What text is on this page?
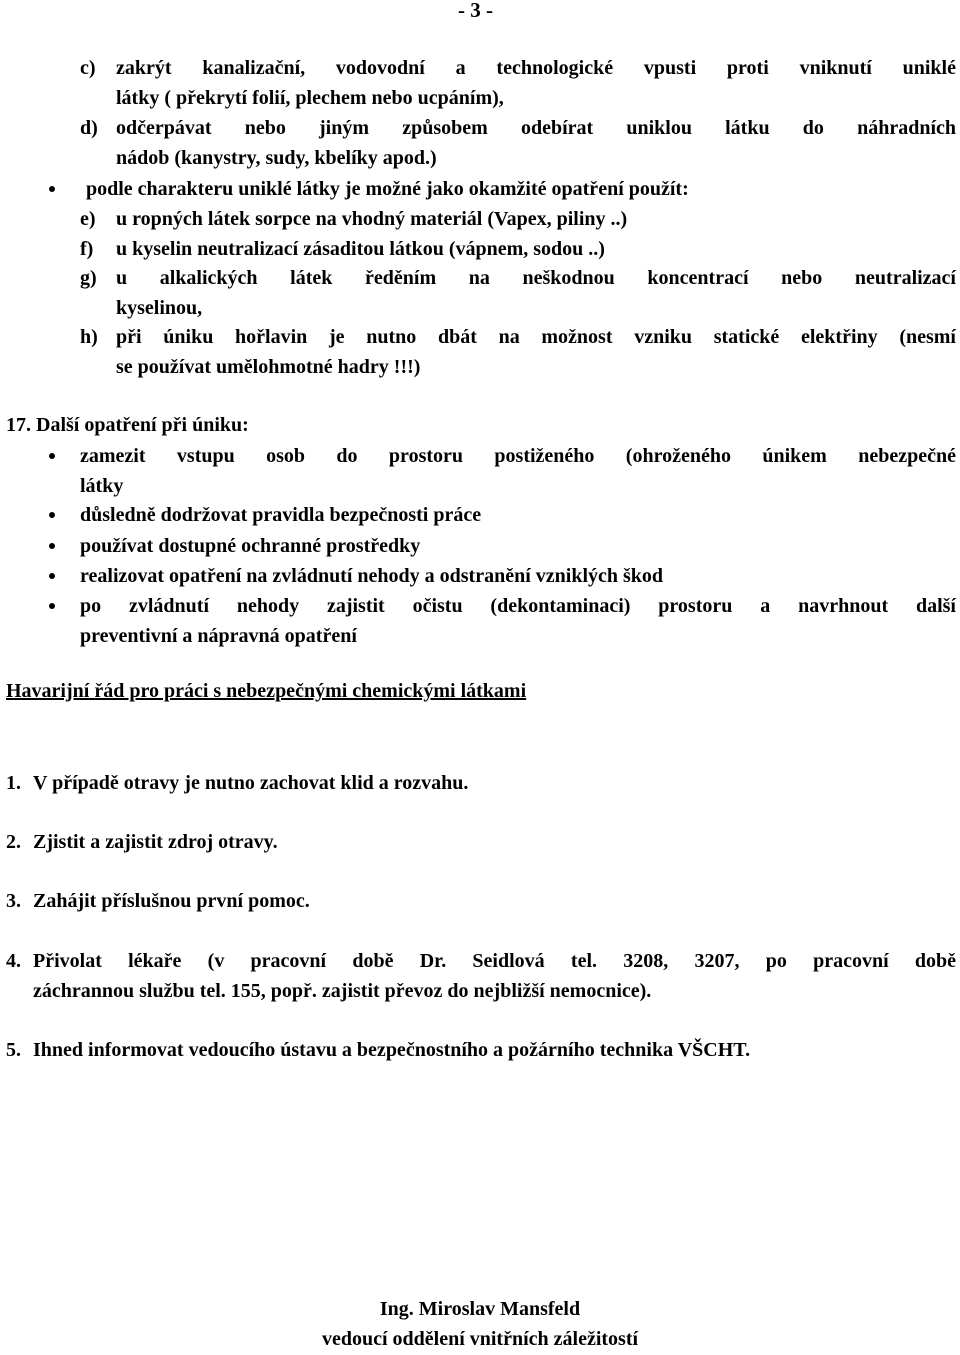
- 3 -
c) zakrýt kanalizační, vodovodní a technologické vpusti proti vniknutí uniklé
látky ( překrytí folií, plechem nebo ucpáním),
d) odčerpávat nebo jiným způsobem odebírat uniklou látku do náhradních
nádob (kanystry, sudy, kbelíky apod.)
podle charakteru uniklé látky je možné jako okamžité opatření použít:
e) u ropných látek sorpce na vhodný materiál (Vapex, piliny ..)
f) u kyselin neutralizací zásaditou látkou (vápnem, sodou ..)
g) u alkalických látek ředěním na neškodnou koncentrací nebo neutralizací
kyselinou,
h) při úniku hořlavin je nutno dbát na možnost vzniku statické elektřiny (nesmí
se používat umělohmotné hadry !!!)
17. Další opatření při úniku:
zamezit vstupu osob do prostoru postiženého (ohroženého únikem nebezpečné
látky
důsledně dodržovat pravidla bezpečnosti práce
používat dostupné ochranné prostředky
realizovat opatření na zvládnutí nehody a odstranění vzniklých škod
po zvládnutí nehody zajistit očistu (dekontaminaci) prostoru a navrhnout další
preventivní a nápravná opatření
Havarijní řád pro práci s nebezpečnými chemickými látkami
1. V případě otravy je nutno zachovat klid a rozvahu.
2. Zjistit a zajistit zdroj otravy.
3. Zahájit příslušnou první pomoc.
4. Přivolat lékaře (v pracovní době Dr. Seidlová tel. 3208, 3207, po pracovní době
záchrannou službu tel. 155, popř. zajistit převoz do nejbližší nemocnice).
5. Ihned informovat vedoucího ústavu a bezpečnostního a požárního technika VŠCHT.
Ing. Miroslav Mansfeld
vedoucí oddělení vnitřních záležitostí
